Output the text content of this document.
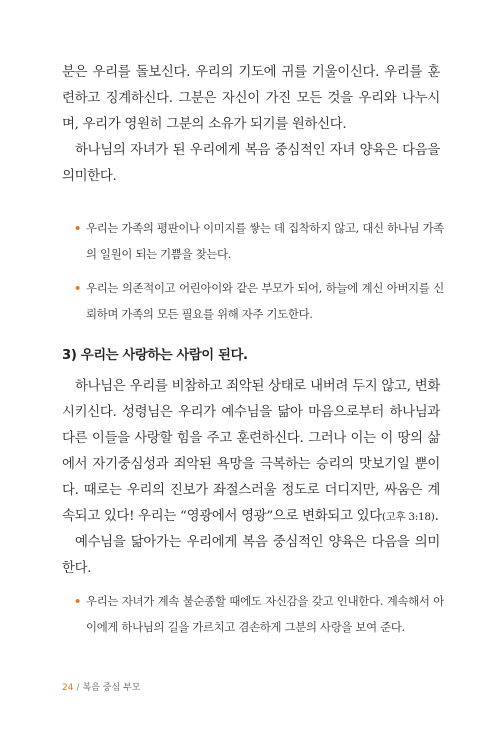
분은 우리를 돌보신다. 우리의 기도에 귀를 기울이신다. 우리를 훈련하고 징계하신다. 그분은 자신이 가진 모든 것을 우리와 나누시며, 우리가 영원히 그분의 소유가 되기를 원하신다.

하나님의 자녀가 된 우리에게 복음 중심적인 자녀 양육은 다음을 의미한다.

• 우리는 가족의 평판이나 이미지를 쌓는 데 집착하지 않고, 대신 하나님 가족의 일원이 되는 기쁨을 찾는다.
• 우리는 의존적이고 어린아이와 같은 부모가 되어, 하늘에 계신 아버지를 신뢰하며 가족의 모든 필요를 위해 자주 기도한다.
3) 우리는 사랑하는 사람이 된다.

하나님은 우리를 비참하고 죄악된 상태로 내버려 두지 않고, 변화시키신다. 성령님은 우리가 예수님을 닮아 마음으로부터 하나님과 다른 이들을 사랑할 힘을 주고 훈련하신다. 그러나 이는 이 땅의 삶에서 자기중심성과 죄악된 욕망을 극복하는 승리의 맛보기일 뿐이다. 때로는 우리의 진보가 좌절스러울 정도로 더디지만, 싸움은 계속되고 있다! 우리는 “영광에서 영광”으로 변화되고 있다(고후 3:18).

예수님을 닮아가는 우리에게 복음 중심적인 양육은 다음을 의미한다.

• 우리는 자녀가 계속 불순종할 때에도 자신감을 갖고 인내한다. 계속해서 아이에게 하나님의 길을 가르치고 겸손하게 그분의 사랑을 보여 준다.
24 / 복음 중심 부모
